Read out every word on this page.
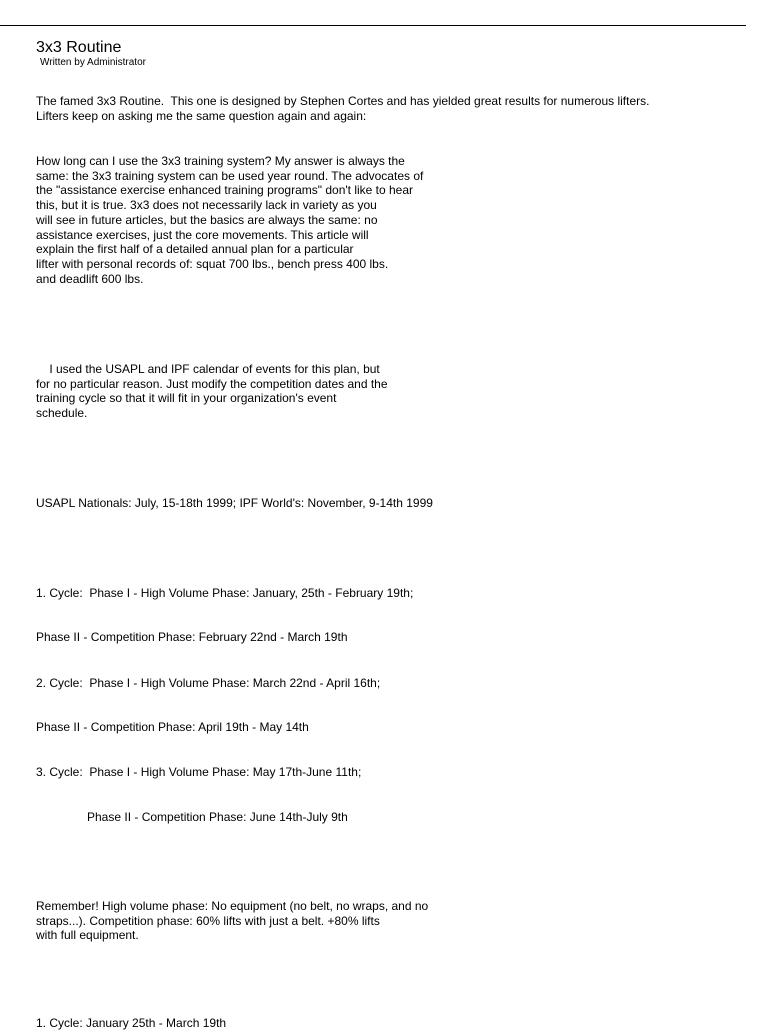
3x3 Routine
Written by Administrator
The famed 3x3 Routine.  This one is designed by Stephen Cortes and has yielded great results for numerous lifters.
Lifters keep on asking me the same question again and again:
How long can I use the 3x3 training system? My answer is always the
same: the 3x3 training system can be used year round. The advocates of
the "assistance exercise enhanced training programs" don't like to hear
this, but it is true. 3x3 does not necessarily lack in variety as you
will see in future articles, but the basics are always the same: no
assistance exercises, just the core movements. This article will
explain the first half of a detailed annual plan for a particular
lifter with personal records of: squat 700 lbs., bench press 400 lbs.
and deadlift 600 lbs.
I used the USAPL and IPF calendar of events for this plan, but
for no particular reason. Just modify the competition dates and the
training cycle so that it will fit in your organization's event
schedule.
USAPL Nationals: July, 15-18th 1999; IPF World's: November, 9-14th 1999
1. Cycle:  Phase I - High Volume Phase: January, 25th - February 19th;
Phase II - Competition Phase: February 22nd - March 19th
2. Cycle:  Phase I - High Volume Phase: March 22nd - April 16th;
Phase II - Competition Phase: April 19th - May 14th
3. Cycle:  Phase I - High Volume Phase: May 17th-June 11th;
Phase II - Competition Phase: June 14th-July 9th
Remember! High volume phase: No equipment (no belt, no wraps, and no
straps...). Competition phase: 60% lifts with just a belt. +80% lifts
with full equipment.
1. Cycle: January 25th - March 19th
